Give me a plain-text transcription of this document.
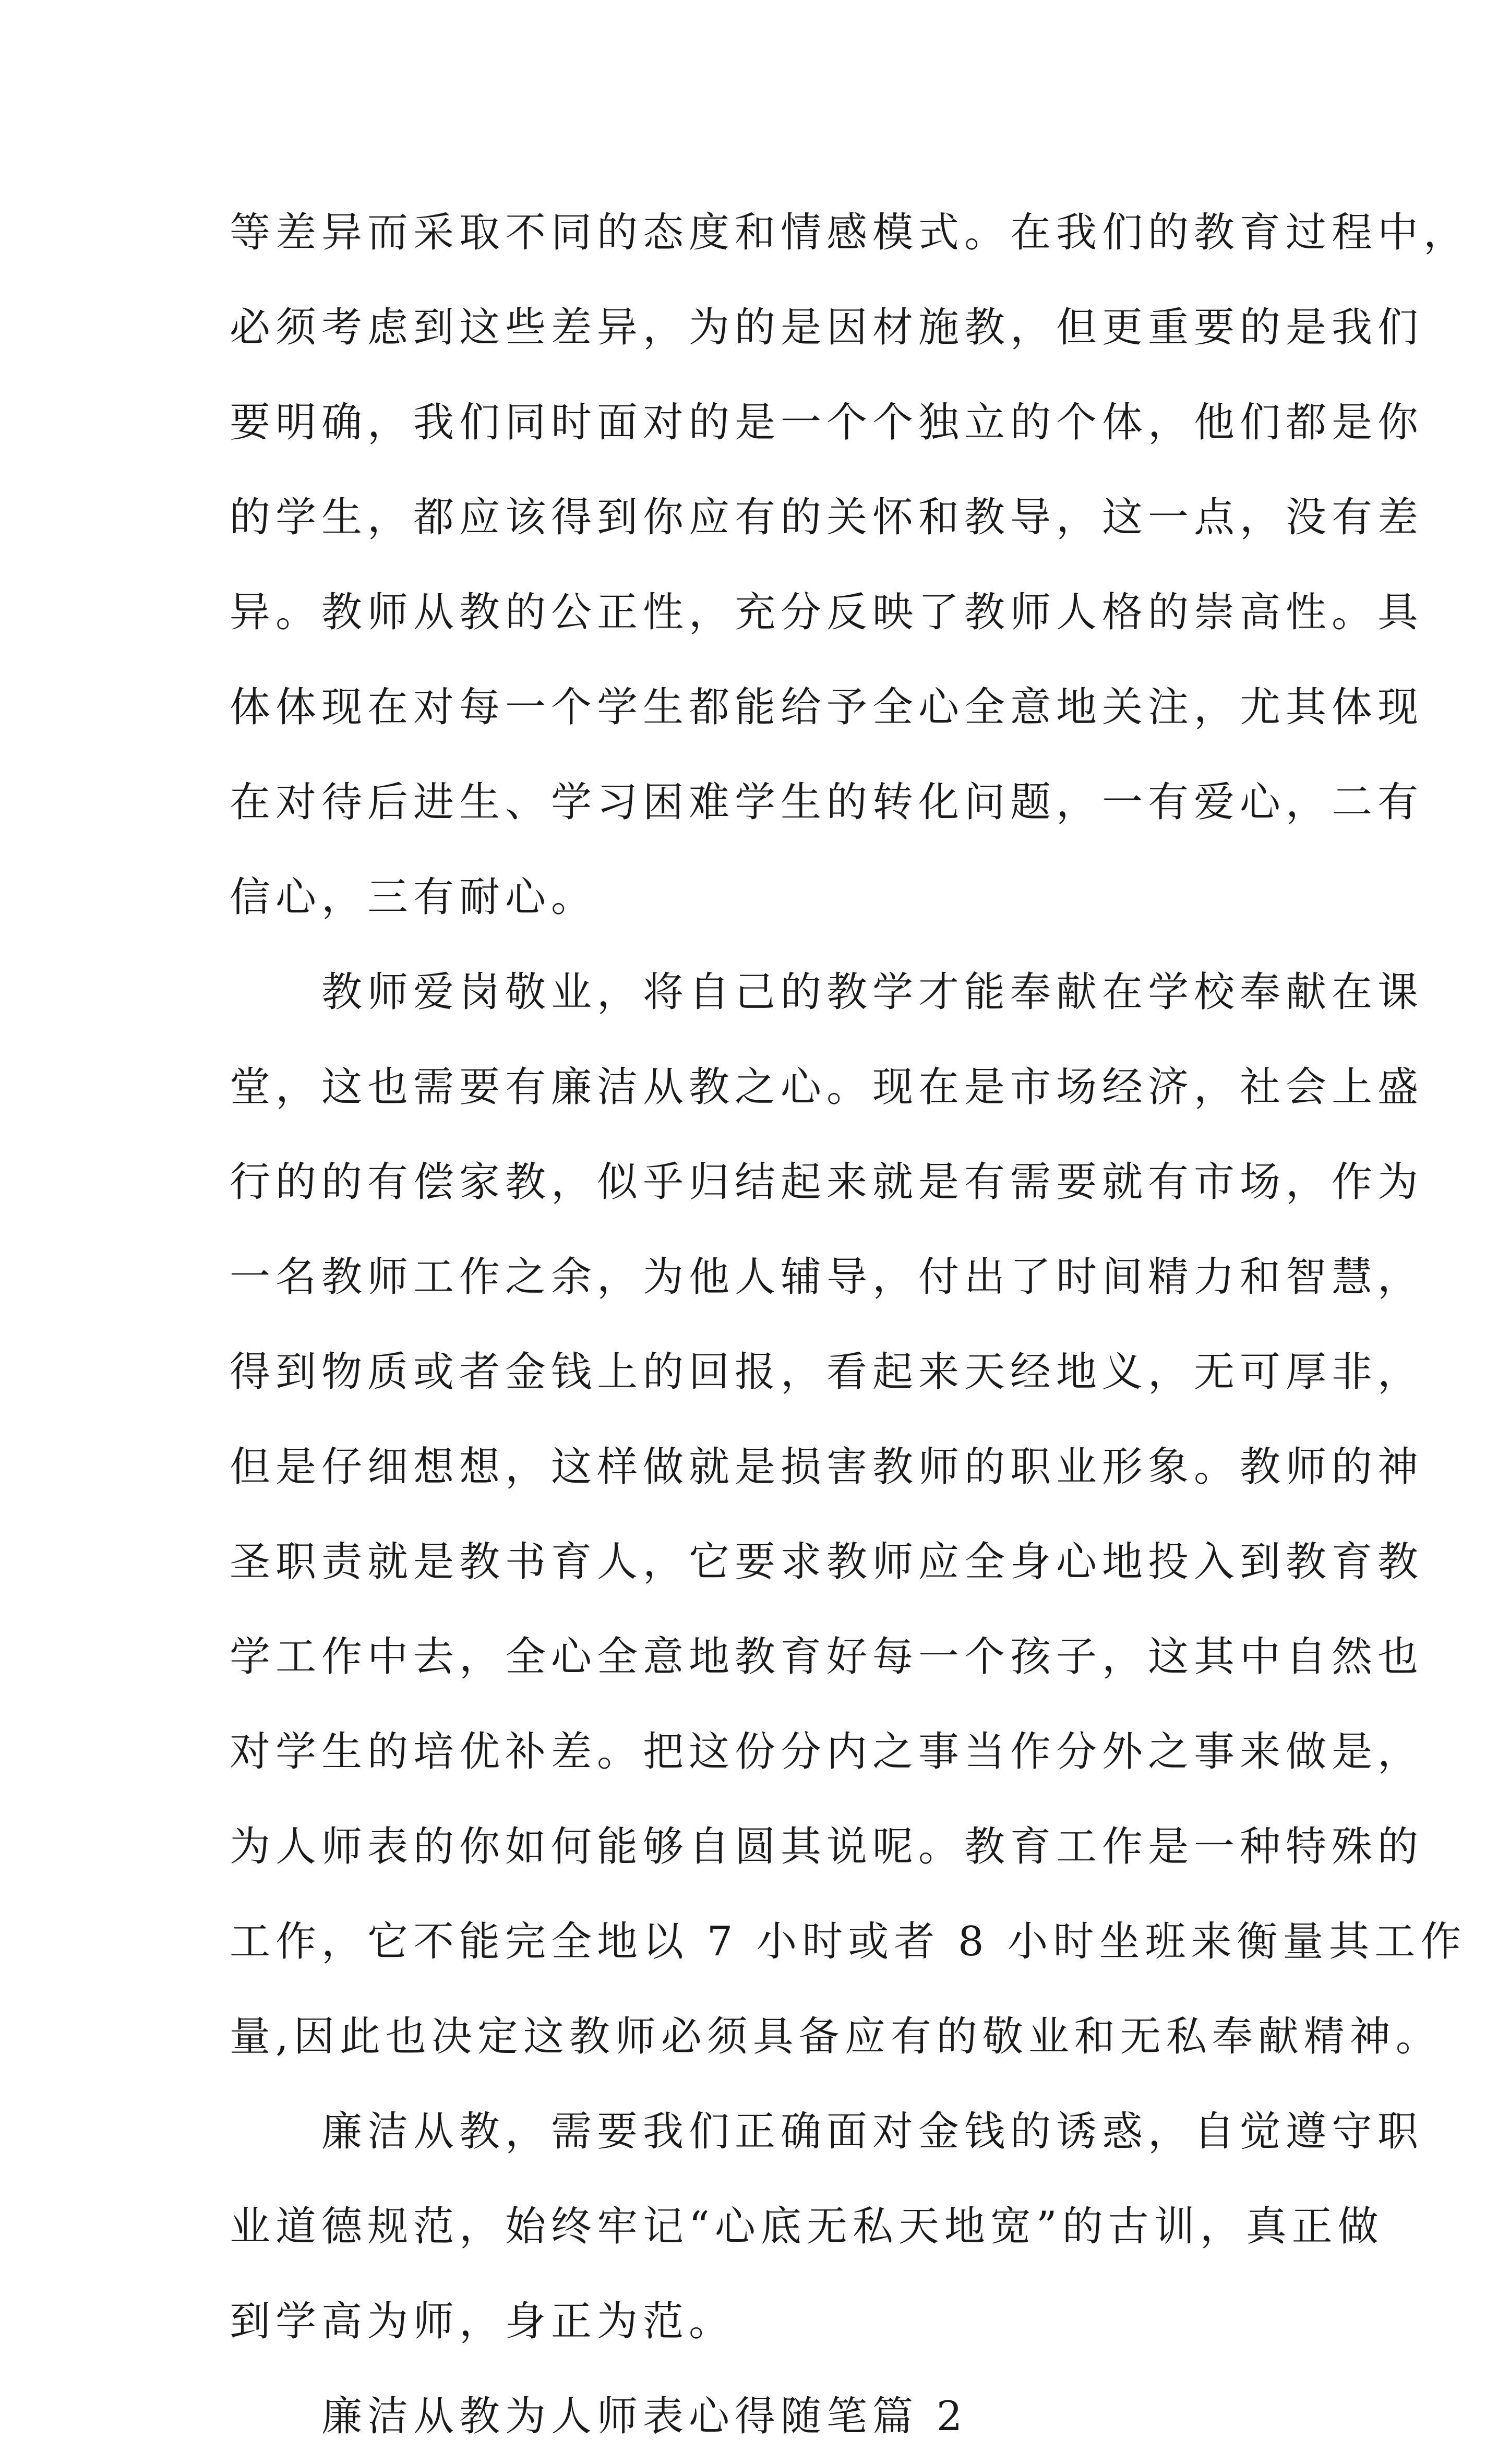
等差异而采取不同的态度和情感模式。在我们的教育过程中，
必须考虑到这些差异，为的是因材施教，但更重要的是我们
要明确，我们同时面对的是一个个独立的个体，他们都是你
的学生，都应该得到你应有的关怀和教导，这一点，没有差
异。教师从教的公正性，充分反映了教师人格的崇高性。具
体体现在对每一个学生都能给予全心全意地关注，尤其体现
在对待后进生、学习困难学生的转化问题，一有爱心，二有
信心，三有耐心。
　　教师爱岗敬业，将自己的教学才能奉献在学校奉献在课
堂，这也需要有廉洁从教之心。现在是市场经济，社会上盛
行的的有偿家教，似乎归结起来就是有需要就有市场，作为
一名教师工作之余，为他人辅导，付出了时间精力和智慧，
得到物质或者金钱上的回报，看起来天经地义，无可厚非，
但是仔细想想，这样做就是损害教师的职业形象。教师的神
圣职责就是教书育人，它要求教师应全身心地投入到教育教
学工作中去，全心全意地教育好每一个孩子，这其中自然也
对学生的培优补差。把这份分内之事当作分外之事来做是，
为人师表的你如何能够自圆其说呢。教育工作是一种特殊的
工作，它不能完全地以 7 小时或者 8 小时坐班来衡量其工作
量,因此也决定这教师必须具备应有的敬业和无私奉献精神。
　　廉洁从教，需要我们正确面对金钱的诱惑，自觉遵守职
业道德规范，始终牢记“心底无私天地宽”的古训，真正做
到学高为师，身正为范。
　　廉洁从教为人师表心得随笔篇 2
